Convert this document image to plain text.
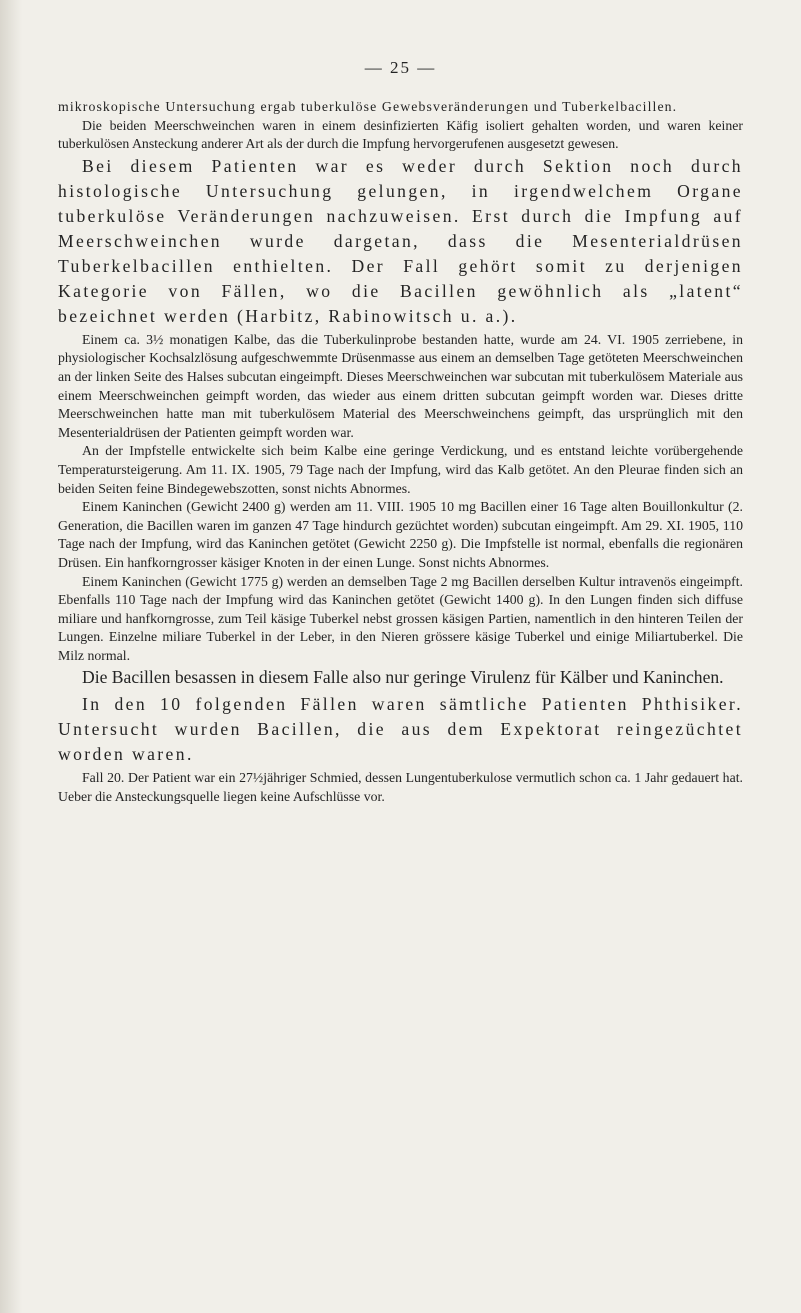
— 25 —

mikroskopische Untersuchung ergab tuberkulöse Gewebsveränderungen und Tuberkelbacillen.

Die beiden Meerschweinchen waren in einem desinfizierten Käfig isoliert gehalten worden, und waren keiner tuberkulösen Ansteckung anderer Art als der durch die Impfung hervorgerufenen ausgesetzt gewesen.

Bei diesem Patienten war es weder durch Sektion noch durch histologische Untersuchung gelungen, in irgendwelchem Organe tuberkulöse Veränderungen nachzuweisen. Erst durch die Impfung auf Meerschweinchen wurde dargetan, dass die Mesenterialdrüsen Tuberkelbacillen enthielten. Der Fall gehört somit zu derjenigen Kategorie von Fällen, wo die Bacillen gewöhnlich als „latent“ bezeichnet werden (Harbitz, Rabinowitsch u. a.).

Einem ca. 3½ monatigen Kalbe, das die Tuberkulinprobe bestanden hatte, wurde am 24. VI. 1905 zerriebene, in physiologischer Kochsalzlösung aufgeschwemmte Drüsenmasse aus einem an demselben Tage getöteten Meerschweinchen an der linken Seite des Halses subcutan eingeimpft. Dieses Meerschweinchen war subcutan mit tuberkulösem Materiale aus einem Meerschweinchen geimpft worden, das wieder aus einem dritten subcutan geimpft worden war. Dieses dritte Meerschweinchen hatte man mit tuberkulösem Material des Meerschweinchens geimpft, das ursprünglich mit den Mesenterialdrüsen der Patienten geimpft worden war.

An der Impfstelle entwickelte sich beim Kalbe eine geringe Verdickung, und es entstand leichte vorübergehende Temperatursteigerung. Am 11. IX. 1905, 79 Tage nach der Impfung, wird das Kalb getötet. An den Pleurae finden sich an beiden Seiten feine Bindegewebszotten, sonst nichts Abnormes.

Einem Kaninchen (Gewicht 2400 g) werden am 11. VIII. 1905 10 mg Bacillen einer 16 Tage alten Bouillonkultur (2. Generation, die Bacillen waren im ganzen 47 Tage hindurch gezüchtet worden) subcutan eingeimpft. Am 29. XI. 1905, 110 Tage nach der Impfung, wird das Kaninchen getötet (Gewicht 2250 g). Die Impfstelle ist normal, ebenfalls die regionären Drüsen. Ein hanfkorngrosser käsiger Knoten in der einen Lunge. Sonst nichts Abnormes.

Einem Kaninchen (Gewicht 1775 g) werden an demselben Tage 2 mg Bacillen derselben Kultur intravenös eingeimpft. Ebenfalls 110 Tage nach der Impfung wird das Kaninchen getötet (Gewicht 1400 g). In den Lungen finden sich diffuse miliare und hanfkorngrosse, zum Teil käsige Tuberkel nebst grossen käsigen Partien, namentlich in den hinteren Teilen der Lungen. Einzelne miliare Tuberkel in der Leber, in den Nieren grössere käsige Tuberkel und einige Miliartuberkel. Die Milz normal.

Die Bacillen besassen in diesem Falle also nur geringe Virulenz für Kälber und Kaninchen.

In den 10 folgenden Fällen waren sämtliche Patienten Phthisiker. Untersucht wurden Bacillen, die aus dem Expektorat reingezüchtet worden waren.

Fall 20. Der Patient war ein 27½jähriger Schmied, dessen Lungentuberkulose vermutlich schon ca. 1 Jahr gedauert hat. Ueber die Ansteckungsquelle liegen keine Aufschlüsse vor.
